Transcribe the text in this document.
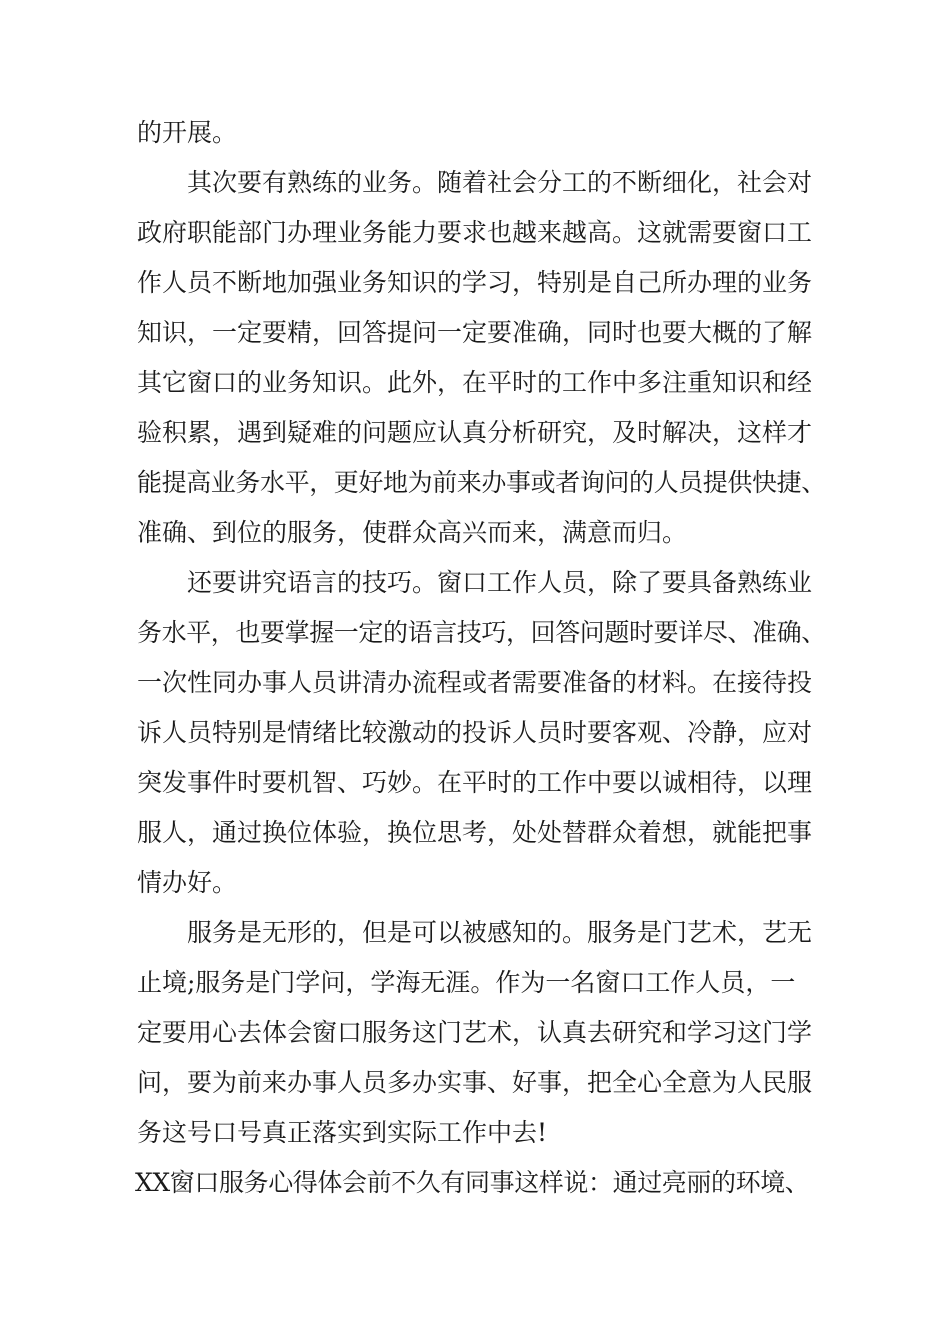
的开展。
其次要有熟练的业务。随着社会分工的不断细化，社会对
政府职能部门办理业务能力要求也越来越高。这就需要窗口工
作人员不断地加强业务知识的学习，特别是自己所办理的业务
知识，一定要精，回答提问一定要准确，同时也要大概的了解
其它窗口的业务知识。此外，在平时的工作中多注重知识和经
验积累，遇到疑难的问题应认真分析研究，及时解决，这样才
能提高业务水平，更好地为前来办事或者询问的人员提供快捷、
准确、到位的服务，使群众高兴而来，满意而归。
还要讲究语言的技巧。窗口工作人员，除了要具备熟练业
务水平，也要掌握一定的语言技巧，回答问题时要详尽、准确、
一次性同办事人员讲清办流程或者需要准备的材料。在接待投
诉人员特别是情绪比较激动的投诉人员时要客观、冷静，应对
突发事件时要机智、巧妙。在平时的工作中要以诚相待，以理
服人，通过换位体验，换位思考，处处替群众着想，就能把事
情办好。
服务是无形的，但是可以被感知的。服务是门艺术，艺无
止境;服务是门学问，学海无涯。作为一名窗口工作人员，一
定要用心去体会窗口服务这门艺术，认真去研究和学习这门学
问，要为前来办事人员多办实事、好事，把全心全意为人民服
务这号口号真正落实到实际工作中去!
XX窗口服务心得体会前不久有同事这样说：通过亮丽的环境、
